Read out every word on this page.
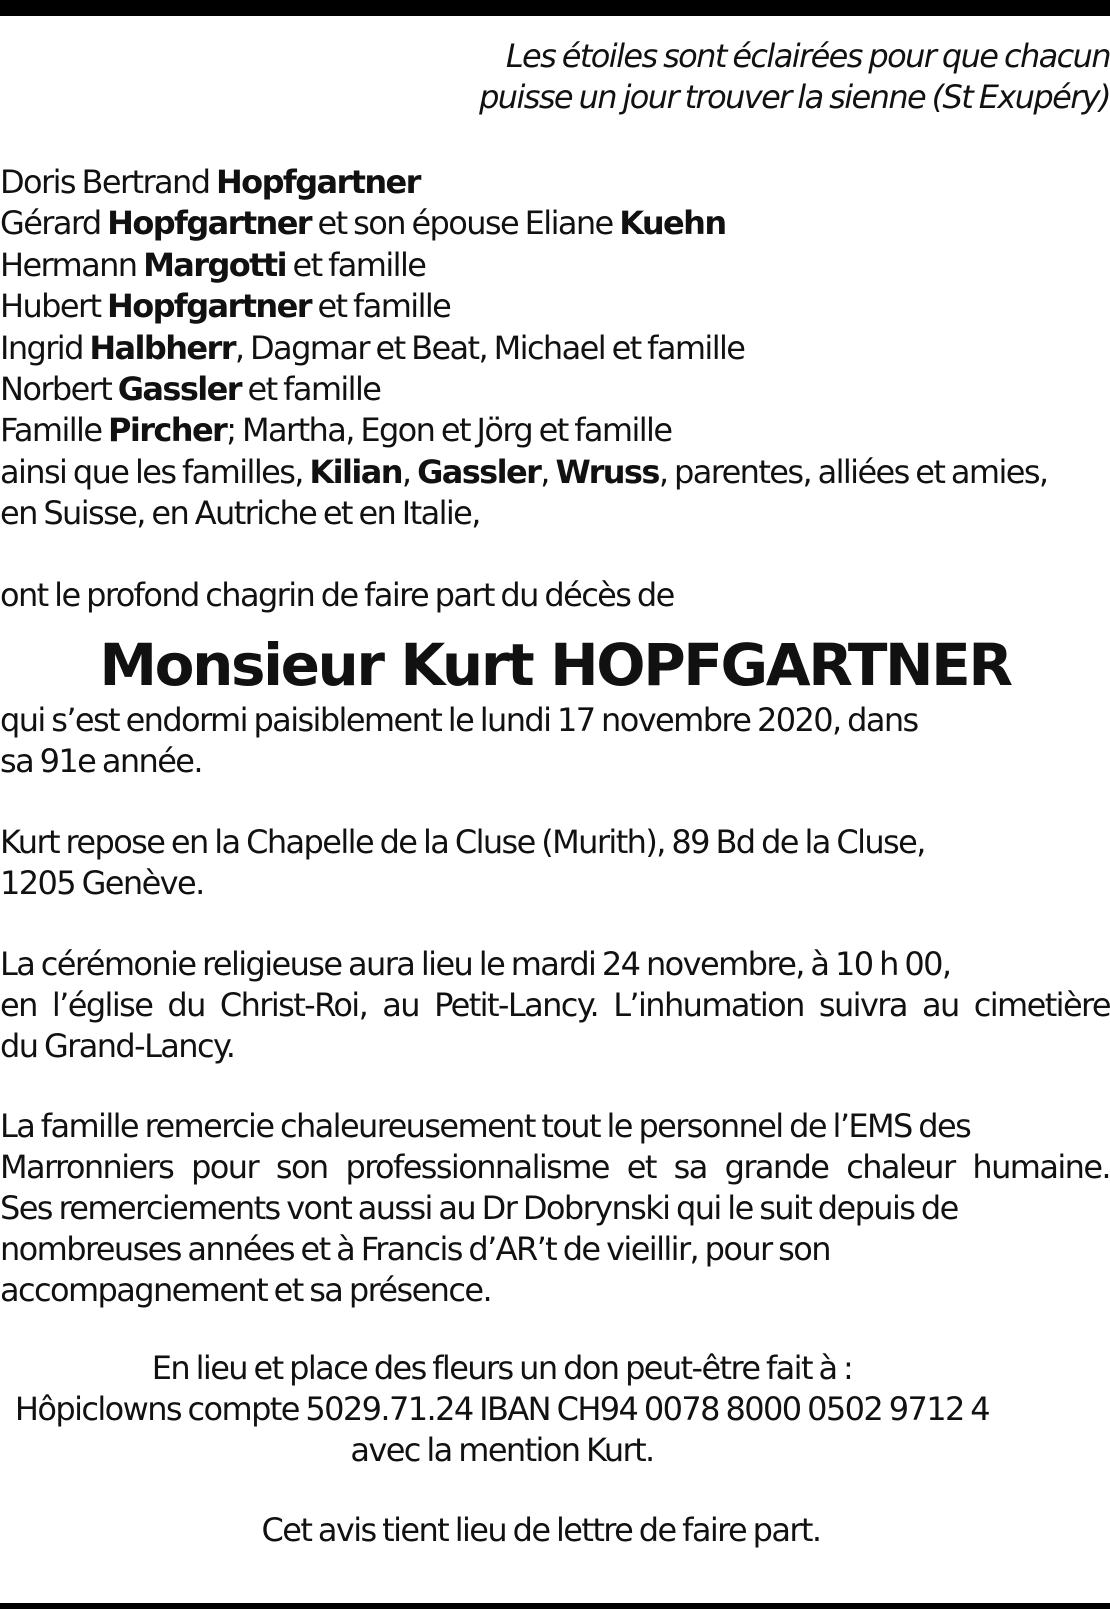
Les étoiles sont éclairées pour que chacun
puisse un jour trouver la sienne (St Exupéry)
Doris Bertrand Hopfgartner
Gérard Hopfgartner et son épouse Eliane Kuehn
Hermann Margotti et famille
Hubert Hopfgartner et famille
Ingrid Halbherr, Dagmar et Beat, Michael et famille
Norbert Gassler et famille
Famille Pircher; Martha, Egon et Jörg et famille
ainsi que les familles, Kilian, Gassler, Wruss, parentes, alliées et amies,
en Suisse, en Autriche et en Italie,
ont le profond chagrin de faire part du décès de
Monsieur Kurt HOPFGARTNER
qui s’est endormi paisiblement le lundi 17 novembre 2020, dans
sa 91e année.
Kurt repose en la Chapelle de la Cluse (Murith), 89 Bd de la Cluse,
1205 Genève.
La cérémonie religieuse aura lieu le mardi 24 novembre, à 10 h 00,
en l’église du Christ-Roi, au Petit-Lancy. L’inhumation suivra au cimetière
du Grand-Lancy.
La famille remercie chaleureusement tout le personnel de l’EMS des
Marronniers pour son professionnalisme et sa grande chaleur humaine.
Ses remerciements vont aussi au Dr Dobrynski qui le suit depuis de
nombreuses années et à Francis d’AR’t de vieillir, pour son
accompagnement et sa présence.
En lieu et place des fleurs un don peut-être fait à :
Hôpiclowns compte 5029.71.24 IBAN CH94 0078 8000 0502 9712 4
avec la mention Kurt.
Cet avis tient lieu de lettre de faire part.
